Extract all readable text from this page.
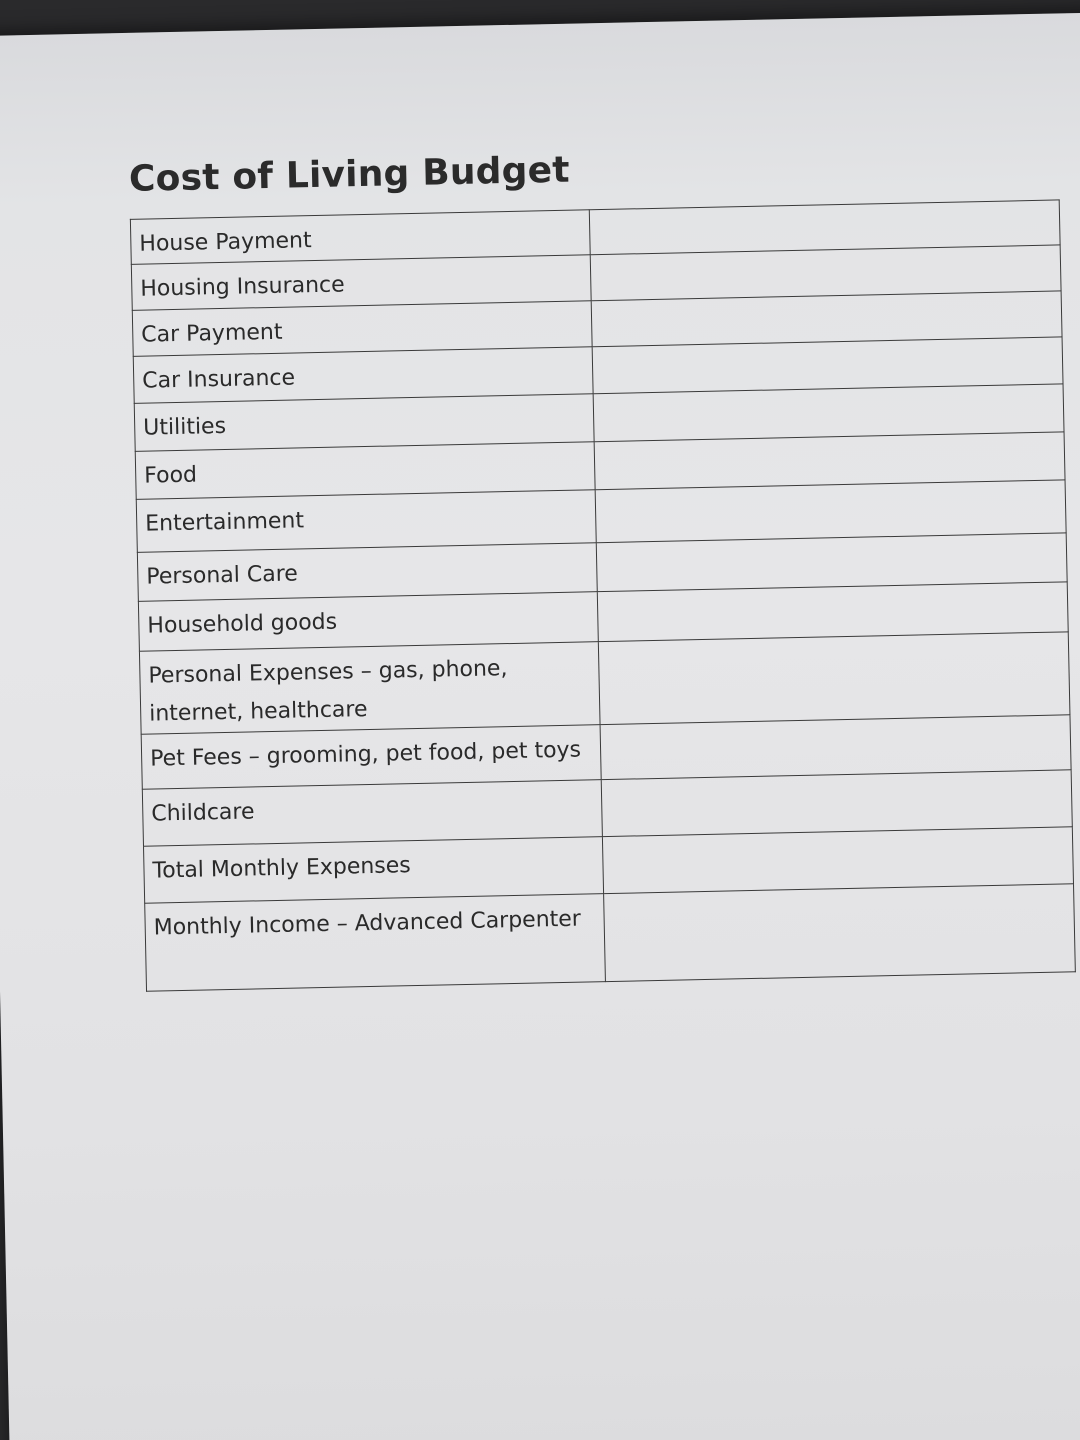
Cost of Living Budget
House Payment	
Housing Insurance	
Car Payment	
Car Insurance	
Utilities	
Food	
Entertainment	
Personal Care	
Household goods	
Personal Expenses – gas, phone, internet, healthcare	
Pet Fees – grooming, pet food, pet toys	
Childcare	
Total Monthly Expenses	
Monthly Income – Advanced Carpenter	
